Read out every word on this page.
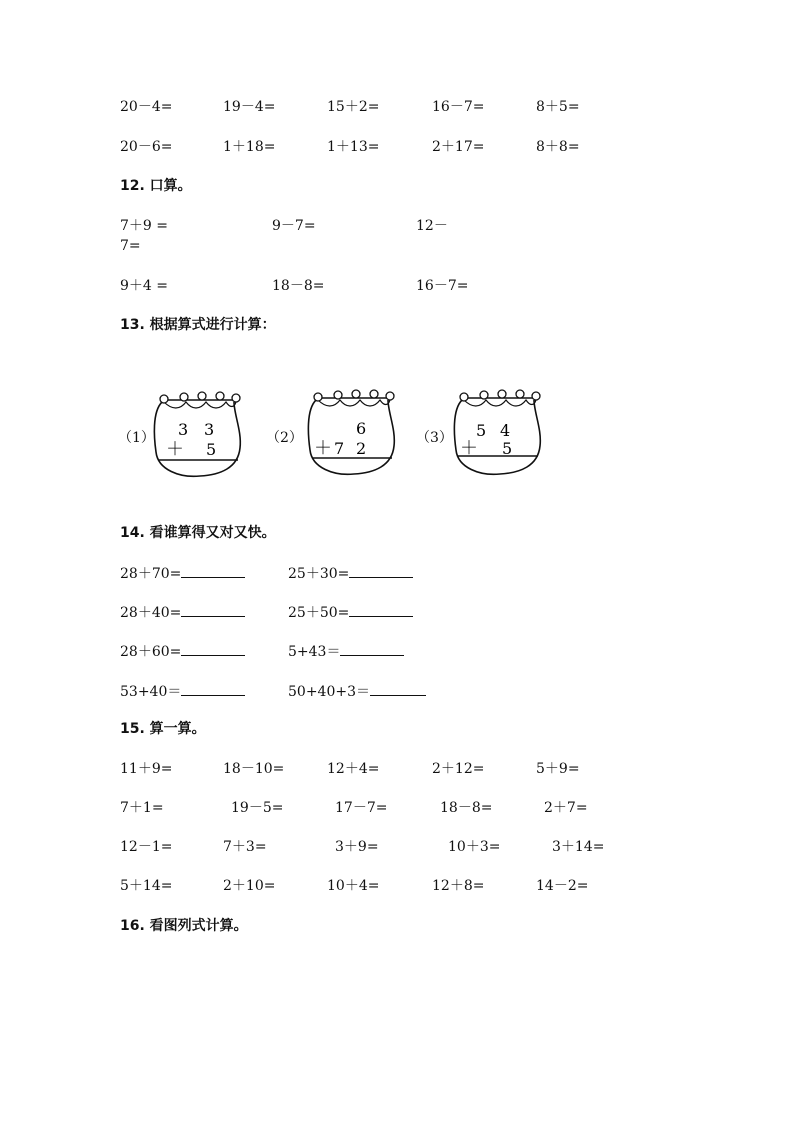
20－4=	19－4=	15＋2=	16－7=	8＋5=
20－6=	1＋18=	1＋13=	2＋17=	8＋8=
12. 口算。
7＋9 =	9－7=	12－
7=
9＋4 =	18－8=	16－7=
13. 根据算式进行计算：
（1）	（2）	（3）
3 3
＋ 5
6
＋ 7 2
5 4
＋ 5
14. 看谁算得又对又快。
28＋70=	25＋30=
28＋40=	25＋50=
28＋60=	5+43＝
53+40＝	50+40+3＝
15. 算一算。
11＋9=	18－10=	12＋4=	2＋12=	5＋9=
7＋1=	19－5=	17－7=	18－8=	2＋7=
12－1=	7＋3=	3＋9=	10＋3=	3＋14=
5＋14=	2＋10=	10＋4=	12＋8=	14－2=
16. 看图列式计算。
